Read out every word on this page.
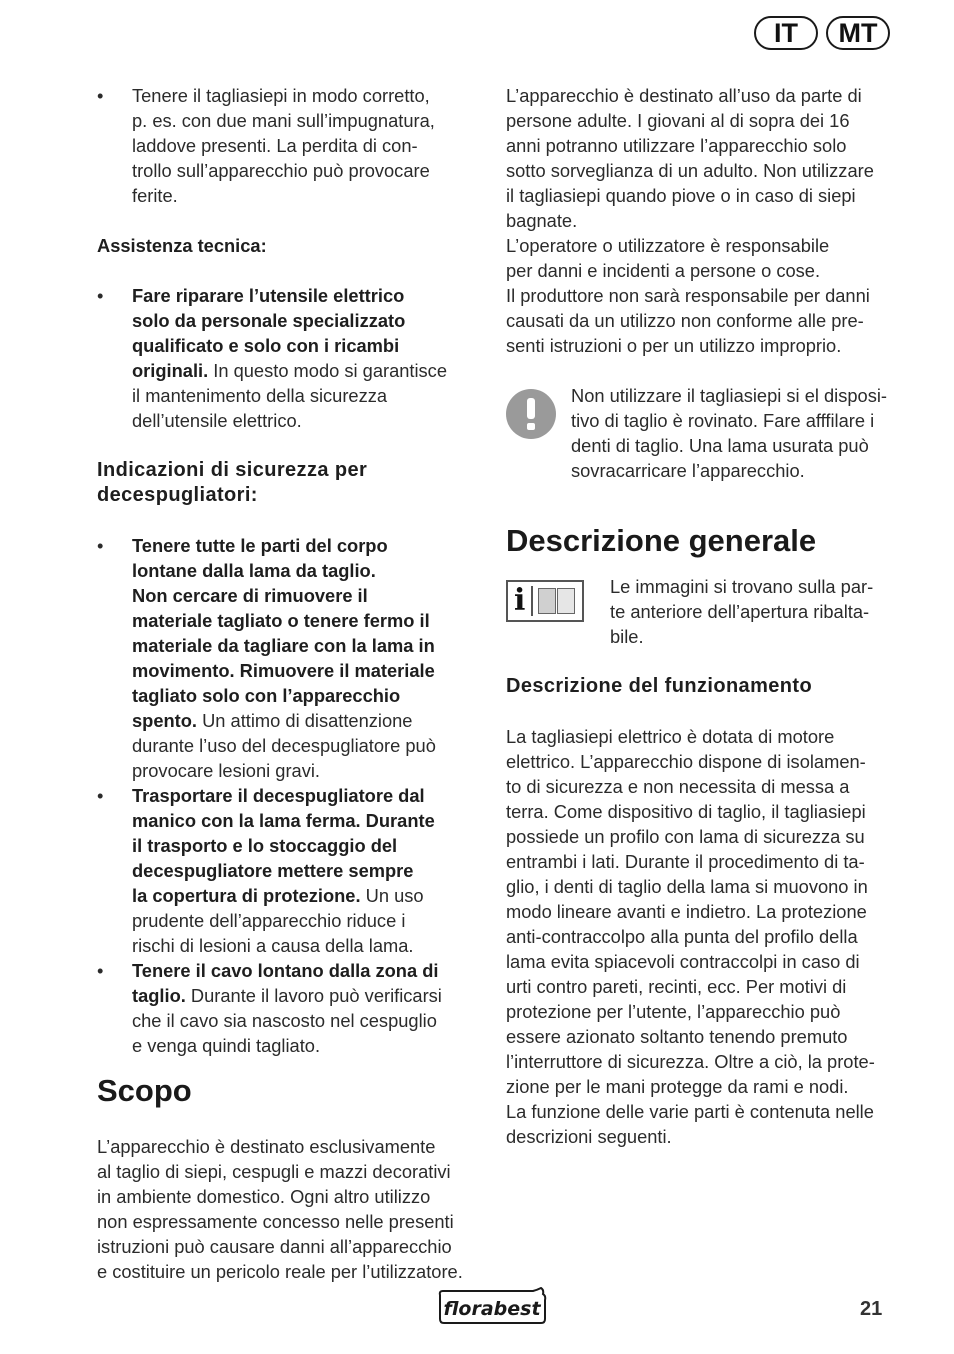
IT	MT
• Tenere il tagliasiepi in modo corretto,
p. es. con due mani sull’impugnatura,
laddove presenti. La perdita di con-
trollo sull’apparecchio può provocare
ferite.
Assistenza tecnica:
• Fare riparare l’utensile elettrico
solo da personale specializzato
qualificato e solo con i ricambi
originali. In questo modo si garantisce
il mantenimento della sicurezza
dell’utensile elettrico.
Indicazioni di sicurezza per
decespugliatori:
• Tenere tutte le parti del corpo
lontane dalla lama da taglio.
Non cercare di rimuovere il
materiale tagliato o tenere fermo il
materiale da tagliare con la lama in
movimento. Rimuovere il materiale
tagliato solo con l’apparecchio
spento. Un attimo di disattenzione
durante l’uso del decespugliatore può
provocare lesioni gravi.
• Trasportare il decespugliatore dal
manico con la lama ferma. Durante
il trasporto e lo stoccaggio del
decespugliatore mettere sempre
la copertura di protezione. Un uso
prudente dell’apparecchio riduce i
rischi di lesioni a causa della lama.
• Tenere il cavo lontano dalla zona di
taglio. Durante il lavoro può verificarsi
che il cavo sia nascosto nel cespuglio
e venga quindi tagliato.
Scopo

L’apparecchio è destinato esclusivamente
al taglio di siepi, cespugli e mazzi decorativi
in ambiente domestico. Ogni altro utilizzo
non espressamente concesso nelle presenti
istruzioni può causare danni all’apparecchio
e costituire un pericolo reale per l’utilizzatore.

L’apparecchio è destinato all’uso da parte di
persone adulte. I giovani al di sopra dei 16
anni potranno utilizzare l’apparecchio solo
sotto sorveglianza di un adulto. Non utilizzare
il tagliasiepi quando piove o in caso di siepi
bagnate.

L’operatore o utilizzatore è responsabile
per danni e incidenti a persone o cose.

Il produttore non sarà responsabile per danni
causati da un utilizzo non conforme alle pre-
senti istruzioni o per un utilizzo improprio.

Non utilizzare il tagliasiepi si el disposi-
tivo di taglio è rovinato. Fare afffilare i
denti di taglio. Una lama usurata può
sovracarricare l’apparecchio.

Descrizione generale
i	Le immagini si trovano sulla par-
te anteriore dell’apertura ribalta-
bile.

Descrizione del funzionamento

La tagliasiepi elettrico è dotata di motore
elettrico. L’apparecchio dispone di isolamen-
to di sicurezza e non necessita di messa a
terra. Come dispositivo di taglio, il tagliasiepi
possiede un profilo con lama di sicurezza su
entrambi i lati. Durante il procedimento di ta-
glio, i denti di taglio della lama si muovono in
modo lineare avanti e indietro. La protezione
anti-contraccolpo alla punta del profilo della
lama evita spiacevoli contraccolpi in caso di
urti contro pareti, recinti, ecc. Per motivi di
protezione per l’utente, l’apparecchio può
essere azionato soltanto tenendo premuto
l’interruttore di sicurezza. Oltre a ciò, la prote-
zione per le mani protegge da rami e nodi.
La funzione delle varie parti è contenuta nelle
descrizioni seguenti.

florabest	21
